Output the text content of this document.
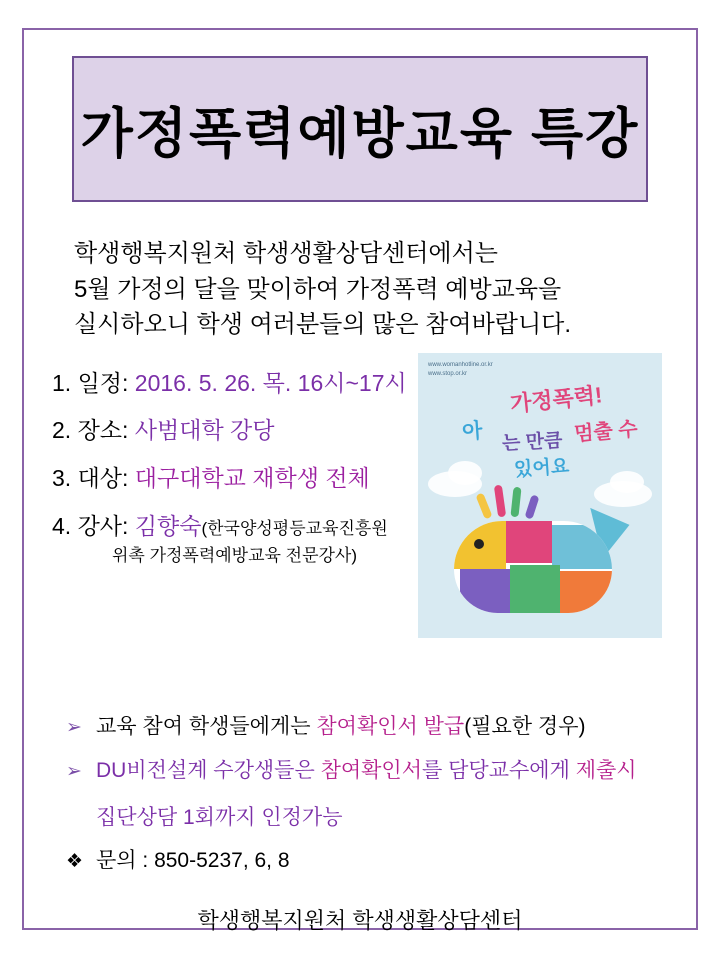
가정폭력예방교육 특강
학생행복지원처 학생생활상담센터에서는
5월 가정의 달을 맞이하여 가정폭력 예방교육을
실시하오니 학생 여러분들의 많은 참여바랍니다.
1. 일정: 2016. 5. 26. 목. 16시~17시
2. 장소: 사범대학 강당
3. 대상: 대구대학교 재학생 전체
4. 강사: 김향숙(한국양성평등교육진흥원
위촉 가정폭력예방교육 전문강사)
www.womanhotline.or.kr
www.stop.or.kr
가정폭력!
아 는 만큼 멈출 수
있어요
➢ 교육 참여 학생들에게는 참여확인서 발급(필요한 경우)
➢ DU비전설계 수강생들은 참여확인서를 담당교수에게 제출시
집단상담 1회까지 인정가능
❖ 문의 : 850-5237, 6, 8
학생행복지원처 학생생활상담센터
